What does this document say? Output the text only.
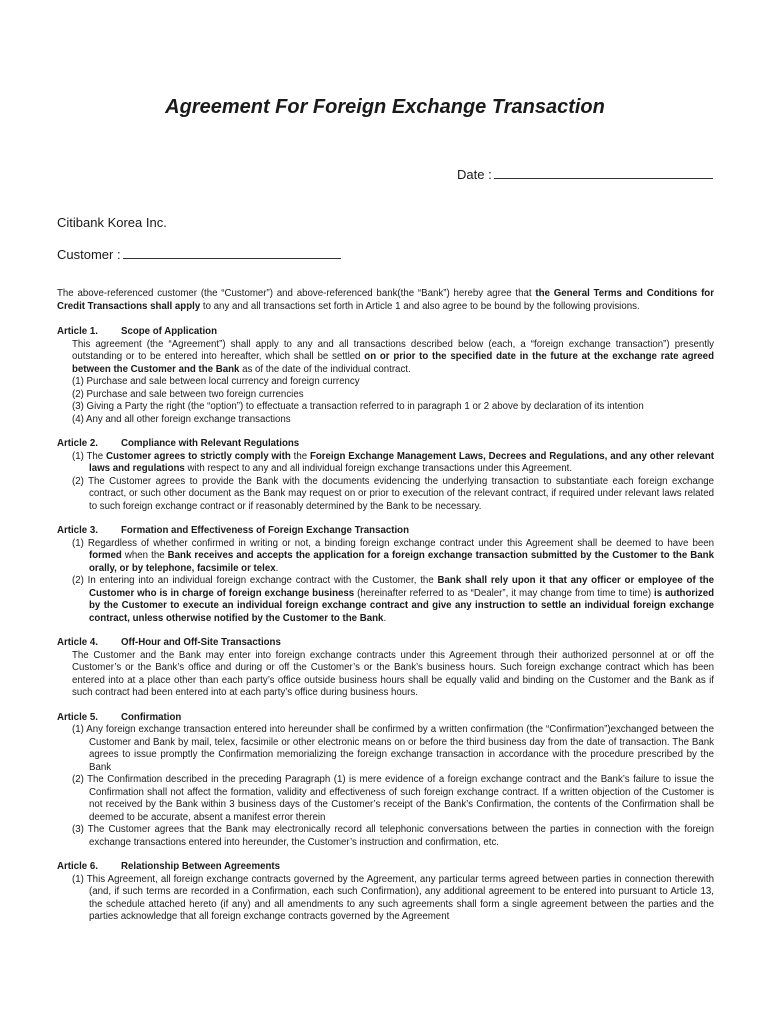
Agreement For Foreign Exchange Transaction
Date :
Citibank Korea Inc.
Customer :

The above-referenced customer (the “Customer”) and above-referenced bank(the “Bank”) hereby agree that the General Terms and Conditions for Credit Transactions shall apply to any and all transactions set forth in Article 1 and also agree to be bound by the following provisions.

Article 1. Scope of Application

This agreement (the “Agreement”) shall apply to any and all transactions described below (each, a “foreign exchange transaction”) presently outstanding or to be entered into hereafter, which shall be settled on or prior to the specified date in the future at the exchange rate agreed between the Customer and the Bank as of the date of the individual contract.

(1) Purchase and sale between local currency and foreign currency

(2) Purchase and sale between two foreign currencies

(3) Giving a Party the right (the “option”) to effectuate a transaction referred to in paragraph 1 or 2 above by declaration of its intention

(4) Any and all other foreign exchange transactions

Article 2. Compliance with Relevant Regulations

(1) The Customer agrees to strictly comply with the Foreign Exchange Management Laws, Decrees and Regulations, and any other relevant laws and regulations with respect to any and all individual foreign exchange transactions under this Agreement.

(2) The Customer agrees to provide the Bank with the documents evidencing the underlying transaction to substantiate each foreign exchange contract, or such other document as the Bank may request on or prior to execution of the relevant contract, if required under relevant laws related to such foreign exchange contract or if reasonably determined by the Bank to be necessary.

Article 3. Formation and Effectiveness of Foreign Exchange Transaction

(1) Regardless of whether confirmed in writing or not, a binding foreign exchange contract under this Agreement shall be deemed to have been formed when the Bank receives and accepts the application for a foreign exchange transaction submitted by the Customer to the Bank orally, or by telephone, facsimile or telex.

(2) In entering into an individual foreign exchange contract with the Customer, the Bank shall rely upon it that any officer or employee of the Customer who is in charge of foreign exchange business (hereinafter referred to as “Dealer”, it may change from time to time) is authorized by the Customer to execute an individual foreign exchange contract and give any instruction to settle an individual foreign exchange contract, unless otherwise notified by the Customer to the Bank.

Article 4. Off-Hour and Off-Site Transactions

The Customer and the Bank may enter into foreign exchange contracts under this Agreement through their authorized personnel at or off the Customer’s or the Bank’s office and during or off the Customer’s or the Bank’s business hours. Such foreign exchange contract which has been entered into at a place other than each party’s office outside business hours shall be equally valid and binding on the Customer and the Bank as if such contract had been entered into at each party’s office during business hours.

Article 5. Confirmation

(1) Any foreign exchange transaction entered into hereunder shall be confirmed by a written confirmation (the “Confirmation”)exchanged between the Customer and Bank by mail, telex, facsimile or other electronic means on or before the third business day from the date of transaction. The Bank agrees to issue promptly the Confirmation memorializing the foreign exchange transaction in accordance with the procedure prescribed by the Bank

(2) The Confirmation described in the preceding Paragraph (1) is mere evidence of a foreign exchange contract and the Bank’s failure to issue the Confirmation shall not affect the formation, validity and effectiveness of such foreign exchange contract. If a written objection of the Customer is not received by the Bank within 3 business days of the Customer’s receipt of the Bank’s Confirmation, the contents of the Confirmation shall be deemed to be accurate, absent a manifest error therein

(3) The Customer agrees that the Bank may electronically record all telephonic conversations between the parties in connection with the foreign exchange transactions entered into hereunder, the Customer’s instruction and confirmation, etc.

Article 6. Relationship Between Agreements

(1) This Agreement, all foreign exchange contracts governed by the Agreement, any particular terms agreed between parties in connection therewith (and, if such terms are recorded in a Confirmation, each such Confirmation), any additional agreement to be entered into pursuant to Article 13, the schedule attached hereto (if any) and all amendments to any such agreements shall form a single agreement between the parties and the parties acknowledge that all foreign exchange contracts governed by the Agreement
